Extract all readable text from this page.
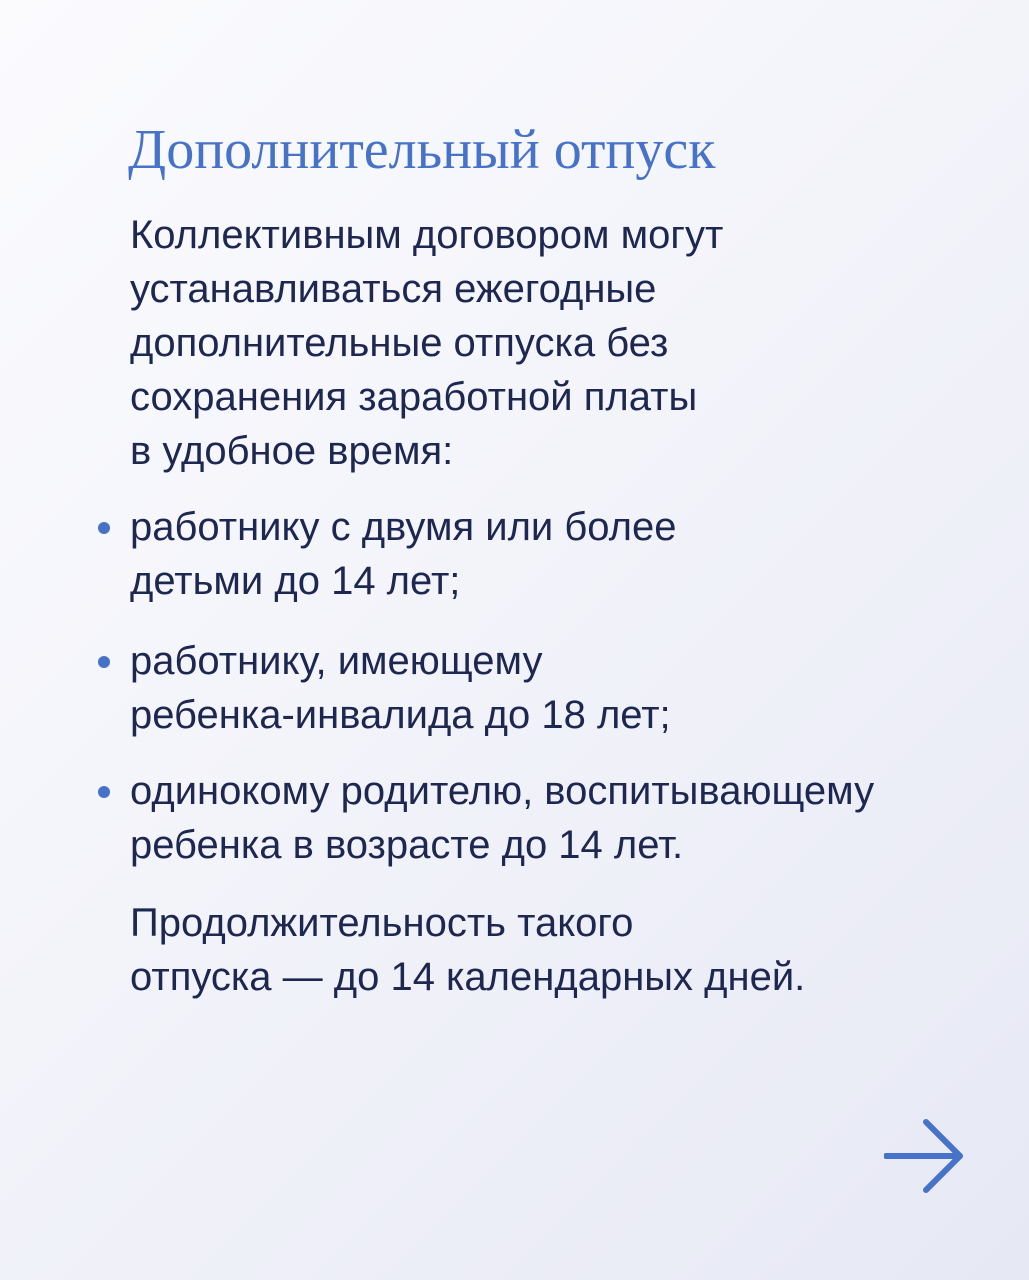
Дополнительный отпуск

Коллективным договором могут
устанавливаться ежегодные
дополнительные отпуска без
сохранения заработной платы
в удобное время:

работнику с двумя или более
детьми до 14 лет;
работнику, имеющему
ребенка-инвалида до 18 лет;
одинокому родителю, воспитывающему
ребенка в возрасте до 14 лет.

Продолжительность такого
отпуска — до 14 календарных дней.
